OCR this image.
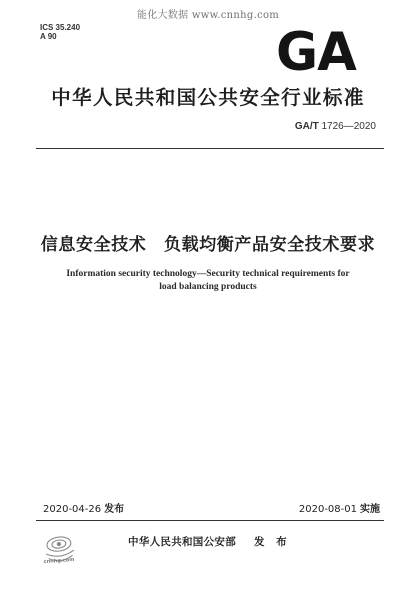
能化大数据 www.cnnhg.com
ICS 35.240
A 90	GA
中华人民共和国公共安全行业标准
GA/T 1726—2020
信息安全技术　负载均衡产品安全技术要求
Information security technology—Security technical requirements for
load balancing products
2020-04-26 发布	2020-08-01 实施
cnnhg.com
中华人民共和国公安部 发 布
